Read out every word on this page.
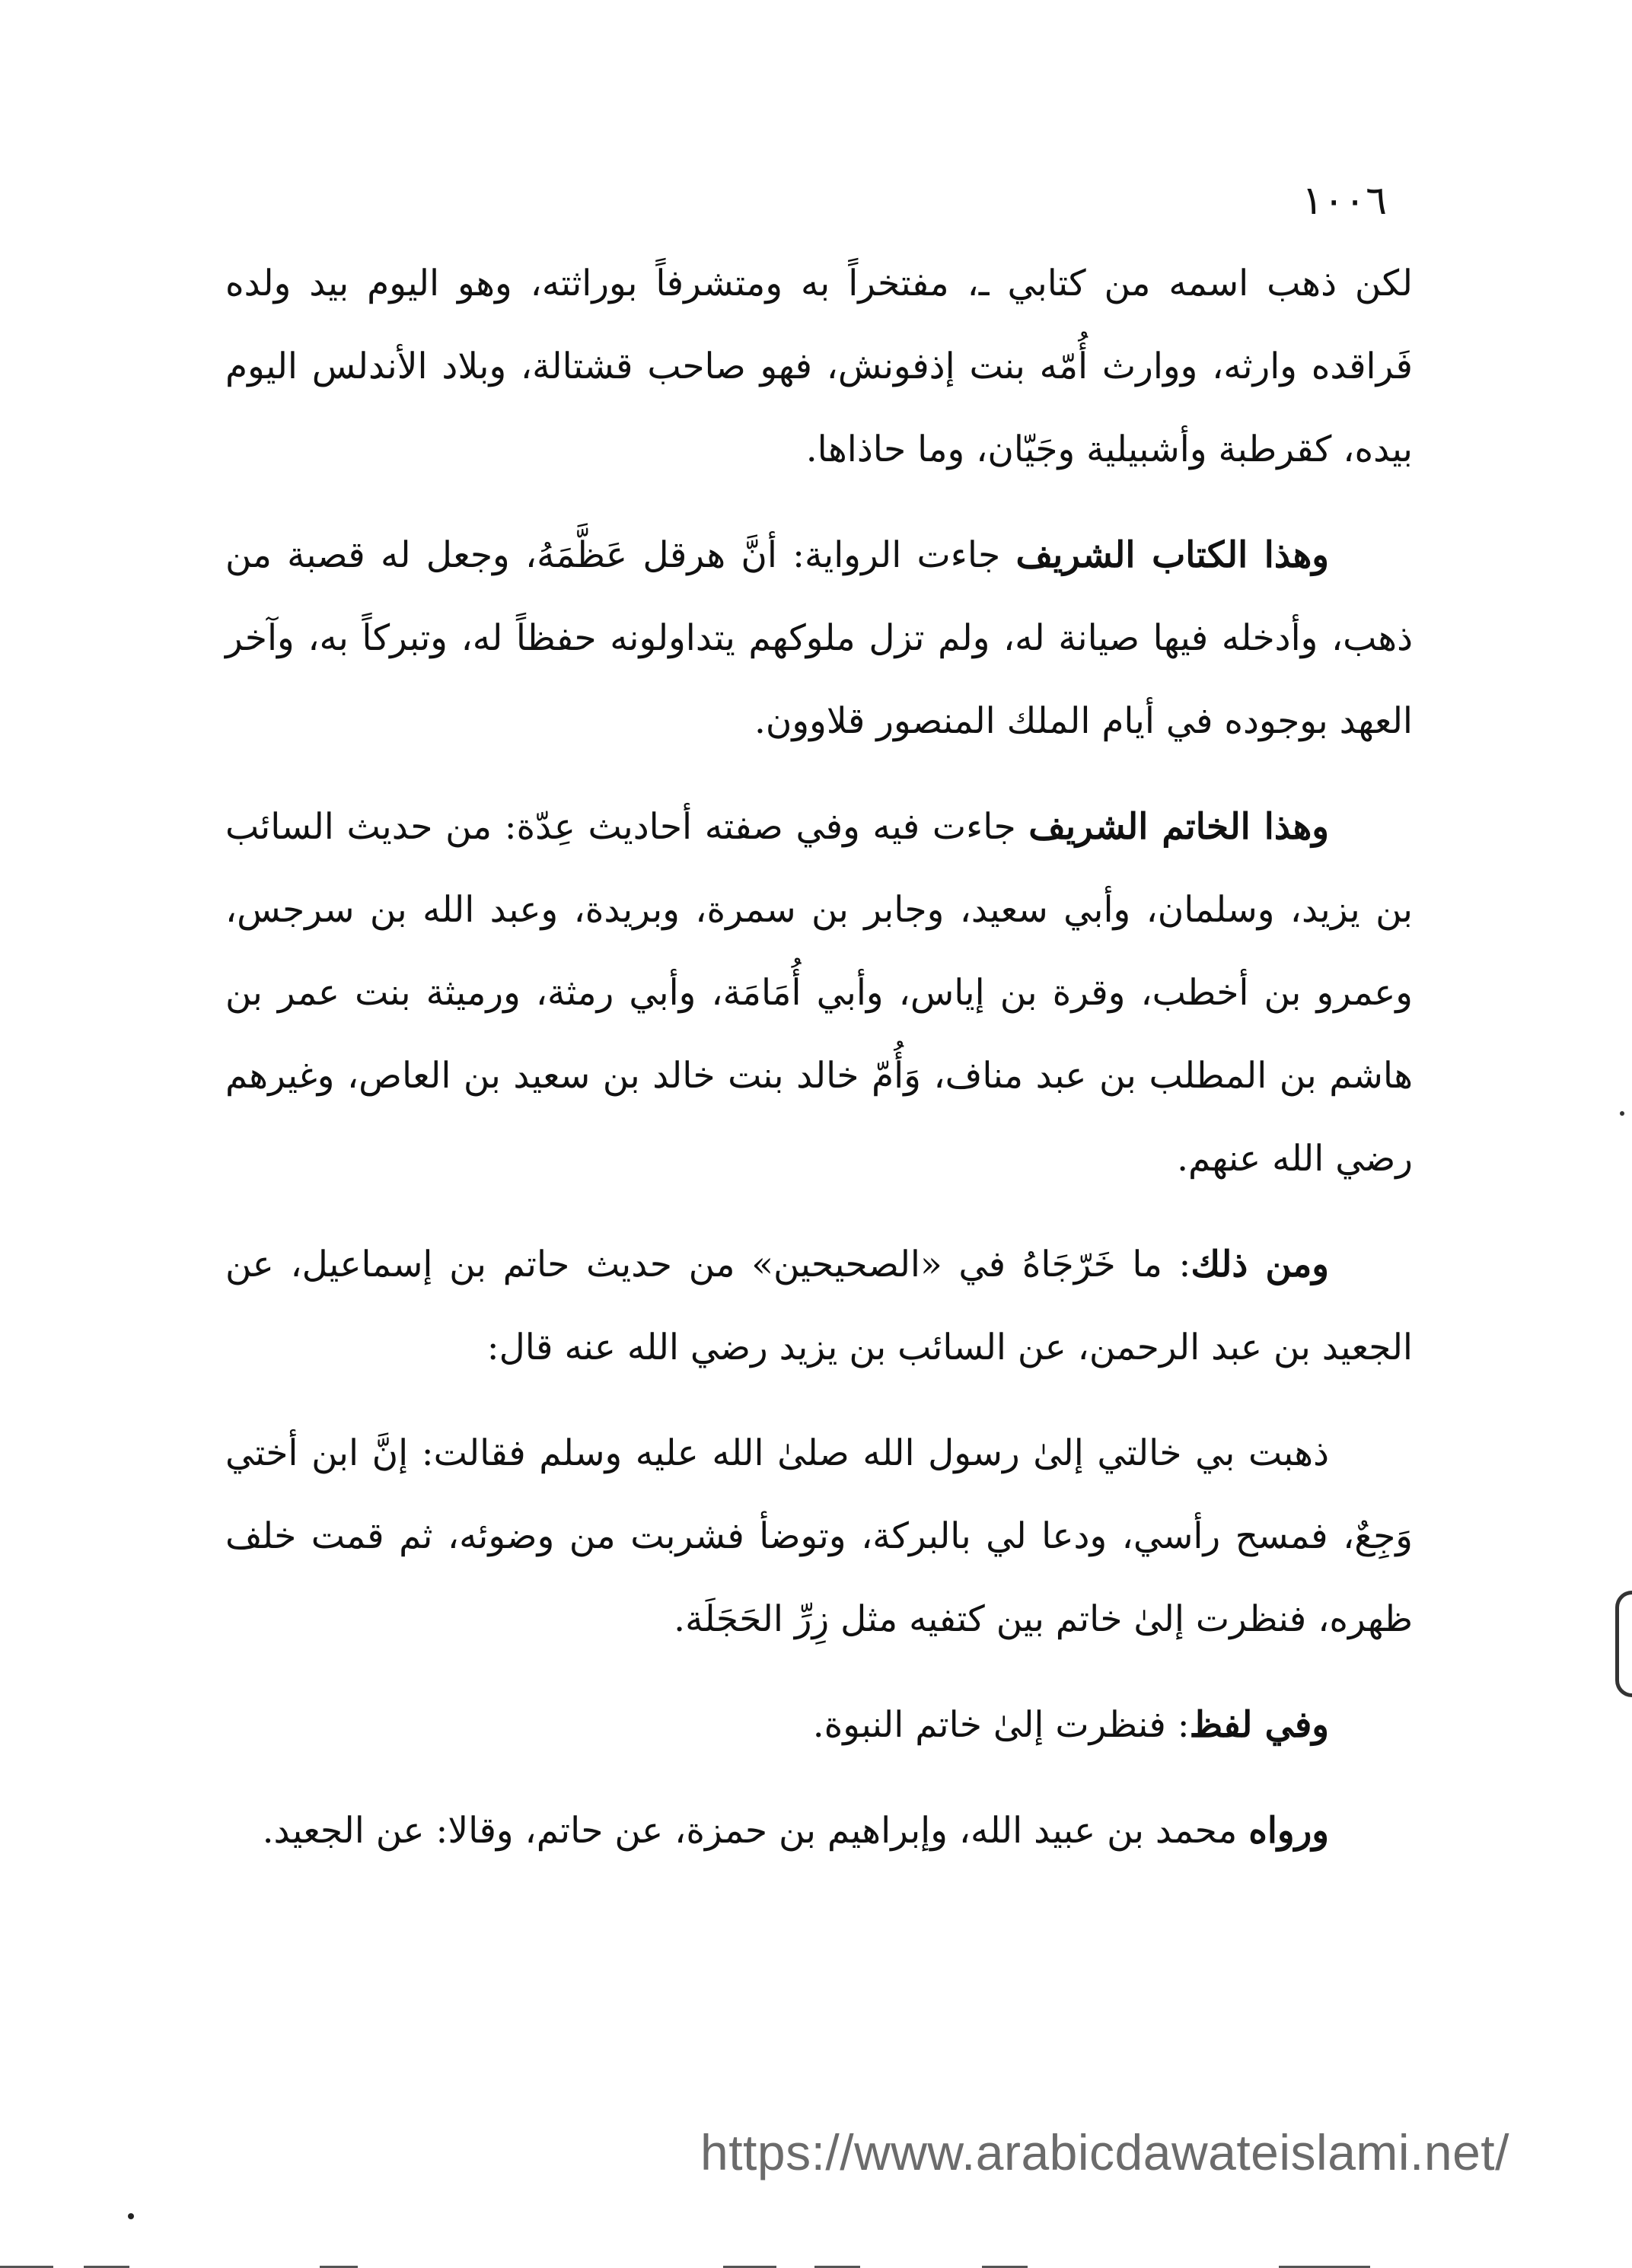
١٠٠٦

لكن ذهب اسمه من كتابي ـ، مفتخراً به ومتشرفاً بوراثته، وهو اليوم بيد ولده فَراقده وارثه، ووارث أُمّه بنت إذفونش، فهو صاحب قشتالة، وبلاد الأندلس اليوم بيده، كقرطبة وأشبيلية وجَيّان، وما حاذاها.

وهذا الكتاب الشريف جاءت الرواية: أنَّ هرقل عَظَّمَهُ، وجعل له قصبة من ذهب، وأدخله فيها صيانة له، ولم تزل ملوكهم يتداولونه حفظاً له، وتبركاً به، وآخر العهد بوجوده في أيام الملك المنصور قلاوون.

وهذا الخاتم الشريف جاءت فيه وفي صفته أحاديث عِدّة: من حديث السائب بن يزيد، وسلمان، وأبي سعيد، وجابر بن سمرة، وبريدة، وعبد الله بن سرجس، وعمرو بن أخطب، وقرة بن إياس، وأبي أُمَامَة، وأبي رمثة، ورميثة بنت عمر بن هاشم بن المطلب بن عبد مناف، وَأُمّ خالد بنت خالد بن سعيد بن العاص، وغيرهم رضي الله عنهم.

ومن ذلك: ما خَرّجَاهُ في «الصحيحين» من حديث حاتم بن إسماعيل، عن الجعيد بن عبد الرحمن، عن السائب بن يزيد رضي الله عنه قال:

ذهبت بي خالتي إلىٰ رسول الله صلىٰ الله عليه وسلم فقالت: إنَّ ابن أختي وَجِعٌ، فمسح رأسي، ودعا لي بالبركة، وتوضأ فشربت من وضوئه، ثم قمت خلف ظهره، فنظرت إلىٰ خاتم بين كتفيه مثل زِرِّ الحَجَلَة.

وفي لفظ: فنظرت إلىٰ خاتم النبوة.

ورواه محمد بن عبيد الله، وإبراهيم بن حمزة، عن حاتم، وقالا: عن الجعيد.

https://www.arabicdawateislami.net/
